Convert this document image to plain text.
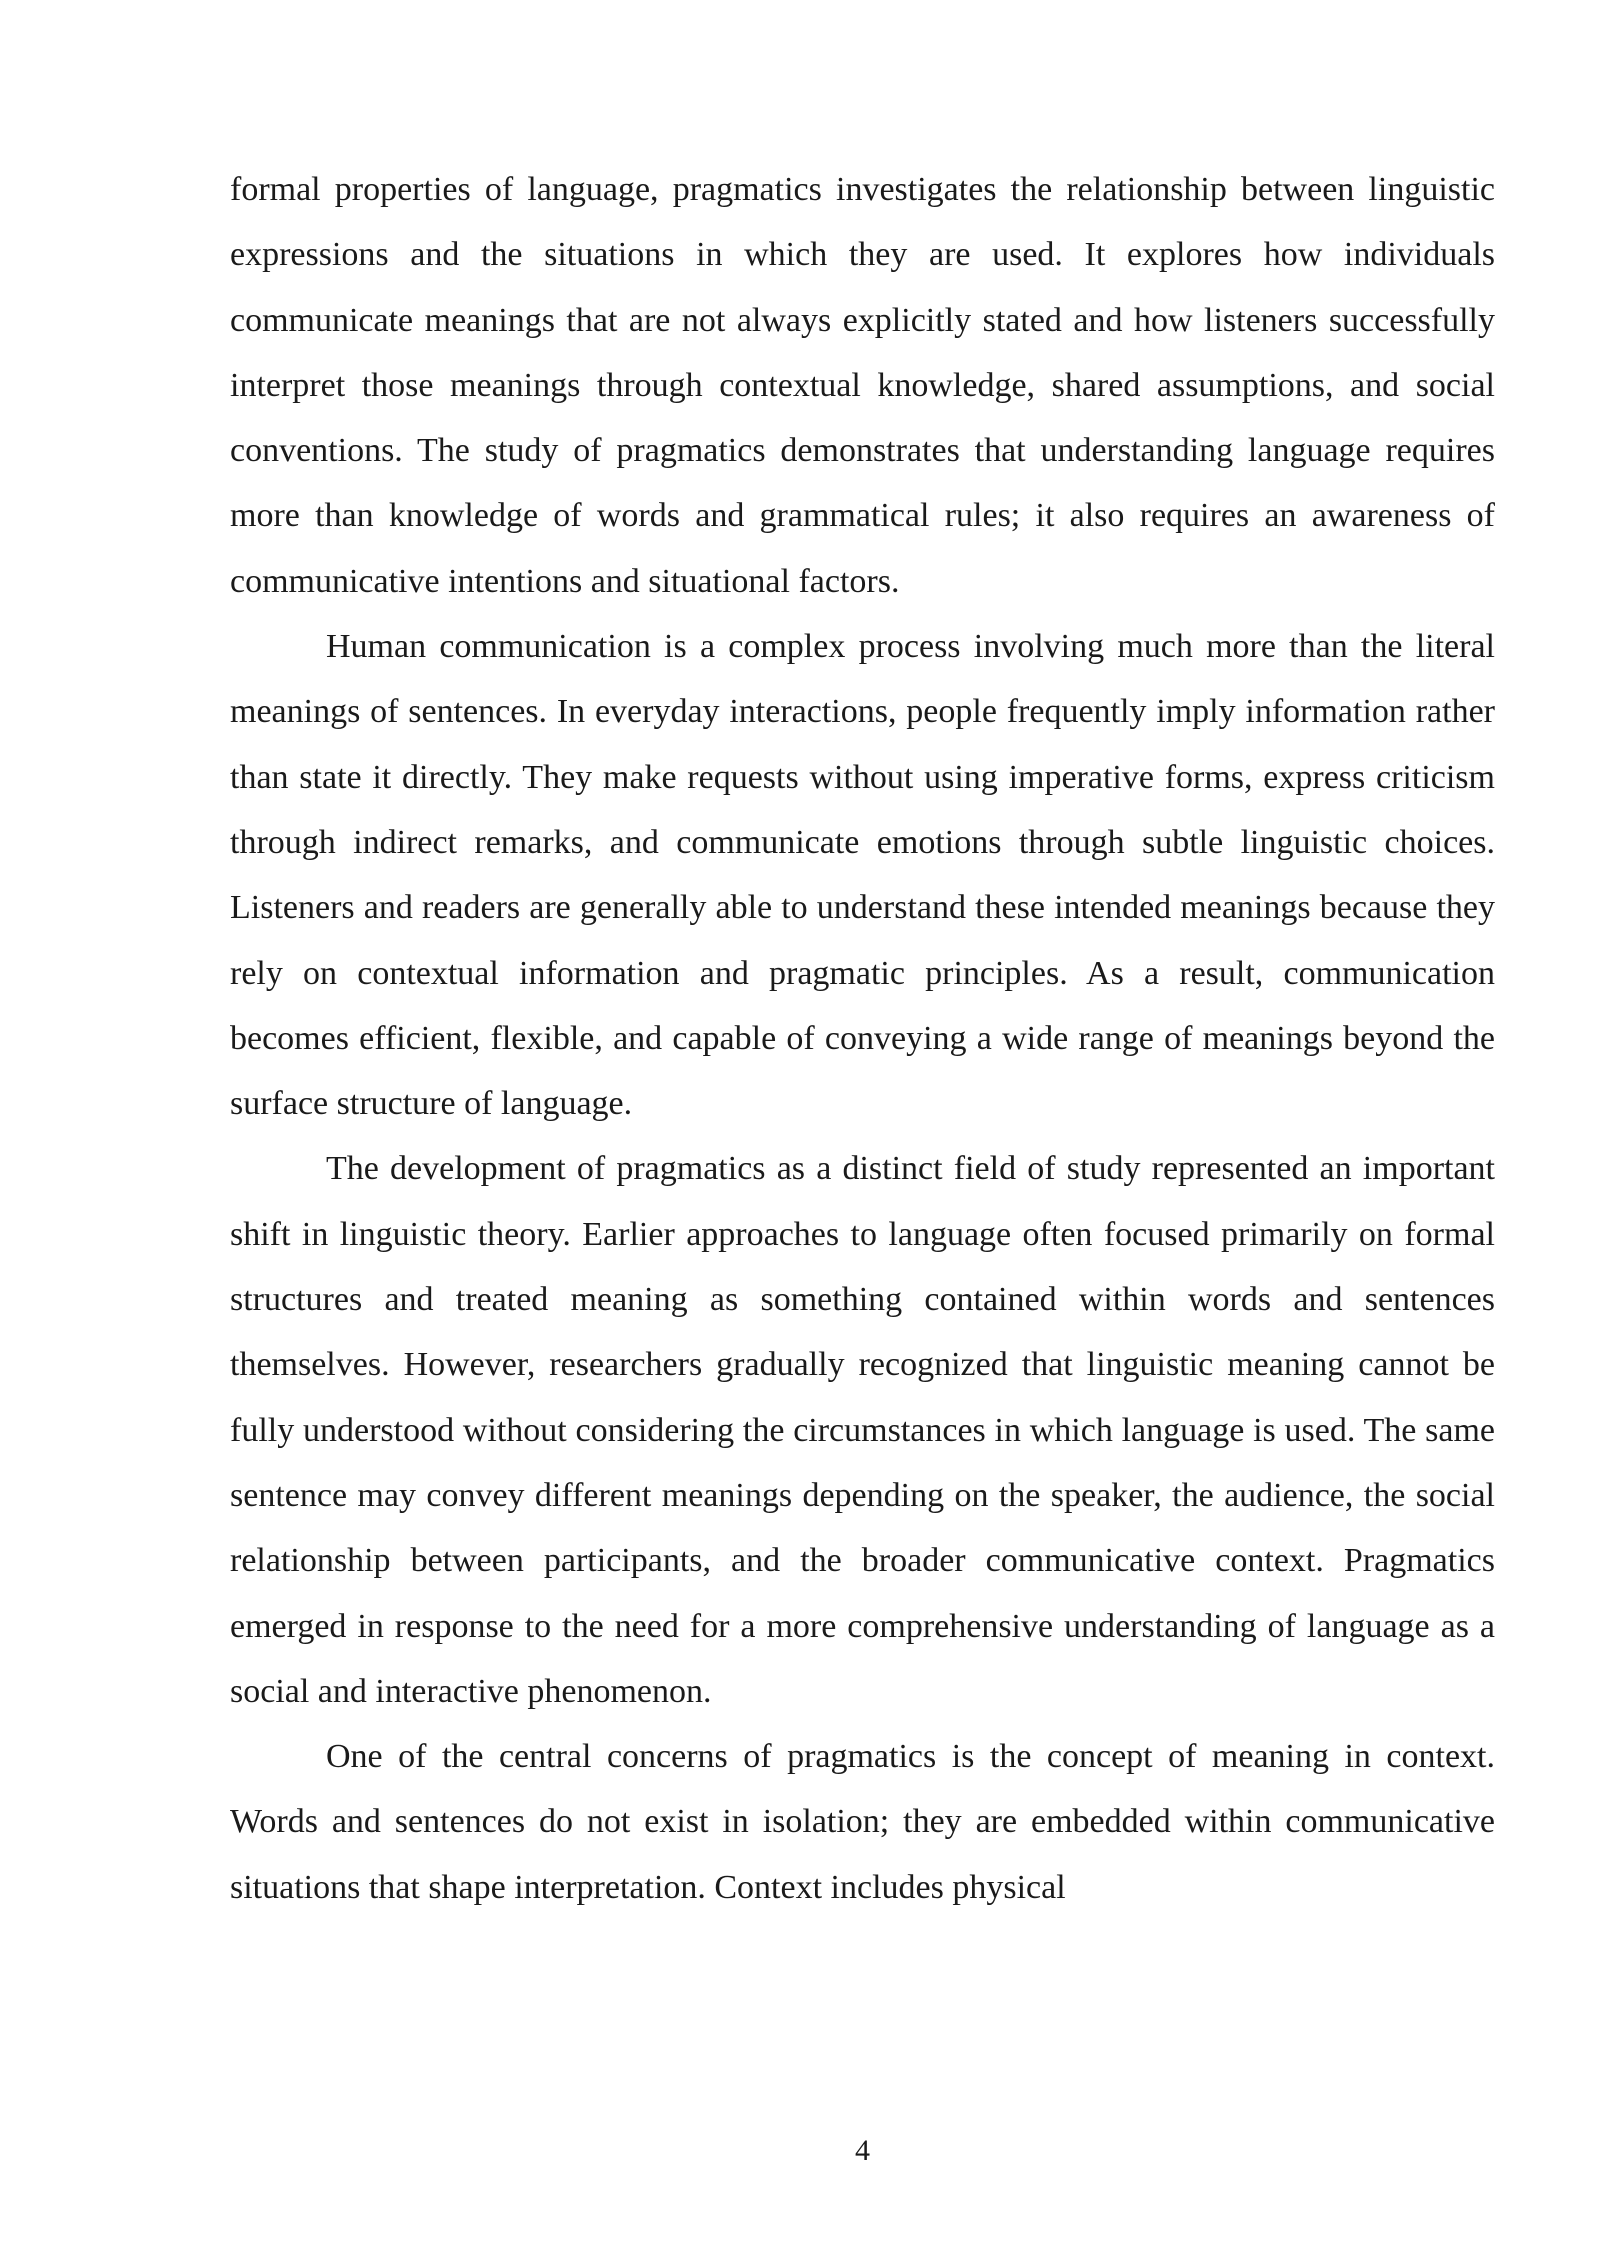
formal properties of language, pragmatics investigates the relationship between linguistic expressions and the situations in which they are used. It explores how individuals communicate meanings that are not always explicitly stated and how listeners successfully interpret those meanings through contextual knowledge, shared assumptions, and social conventions. The study of pragmatics demonstrates that understanding language requires more than knowledge of words and grammatical rules; it also requires an awareness of communicative intentions and situational factors.

Human communication is a complex process involving much more than the literal meanings of sentences. In everyday interactions, people frequently imply information rather than state it directly. They make requests without using imperative forms, express criticism through indirect remarks, and communicate emotions through subtle linguistic choices. Listeners and readers are generally able to understand these intended meanings because they rely on contextual information and pragmatic principles. As a result, communication becomes efficient, flexible, and capable of conveying a wide range of meanings beyond the surface structure of language.

The development of pragmatics as a distinct field of study represented an important shift in linguistic theory. Earlier approaches to language often focused primarily on formal structures and treated meaning as something contained within words and sentences themselves. However, researchers gradually recognized that linguistic meaning cannot be fully understood without considering the circumstances in which language is used. The same sentence may convey different meanings depending on the speaker, the audience, the social relationship between participants, and the broader communicative context. Pragmatics emerged in response to the need for a more comprehensive understanding of language as a social and interactive phenomenon.

One of the central concerns of pragmatics is the concept of meaning in context. Words and sentences do not exist in isolation; they are embedded within communicative situations that shape interpretation. Context includes physical

4
